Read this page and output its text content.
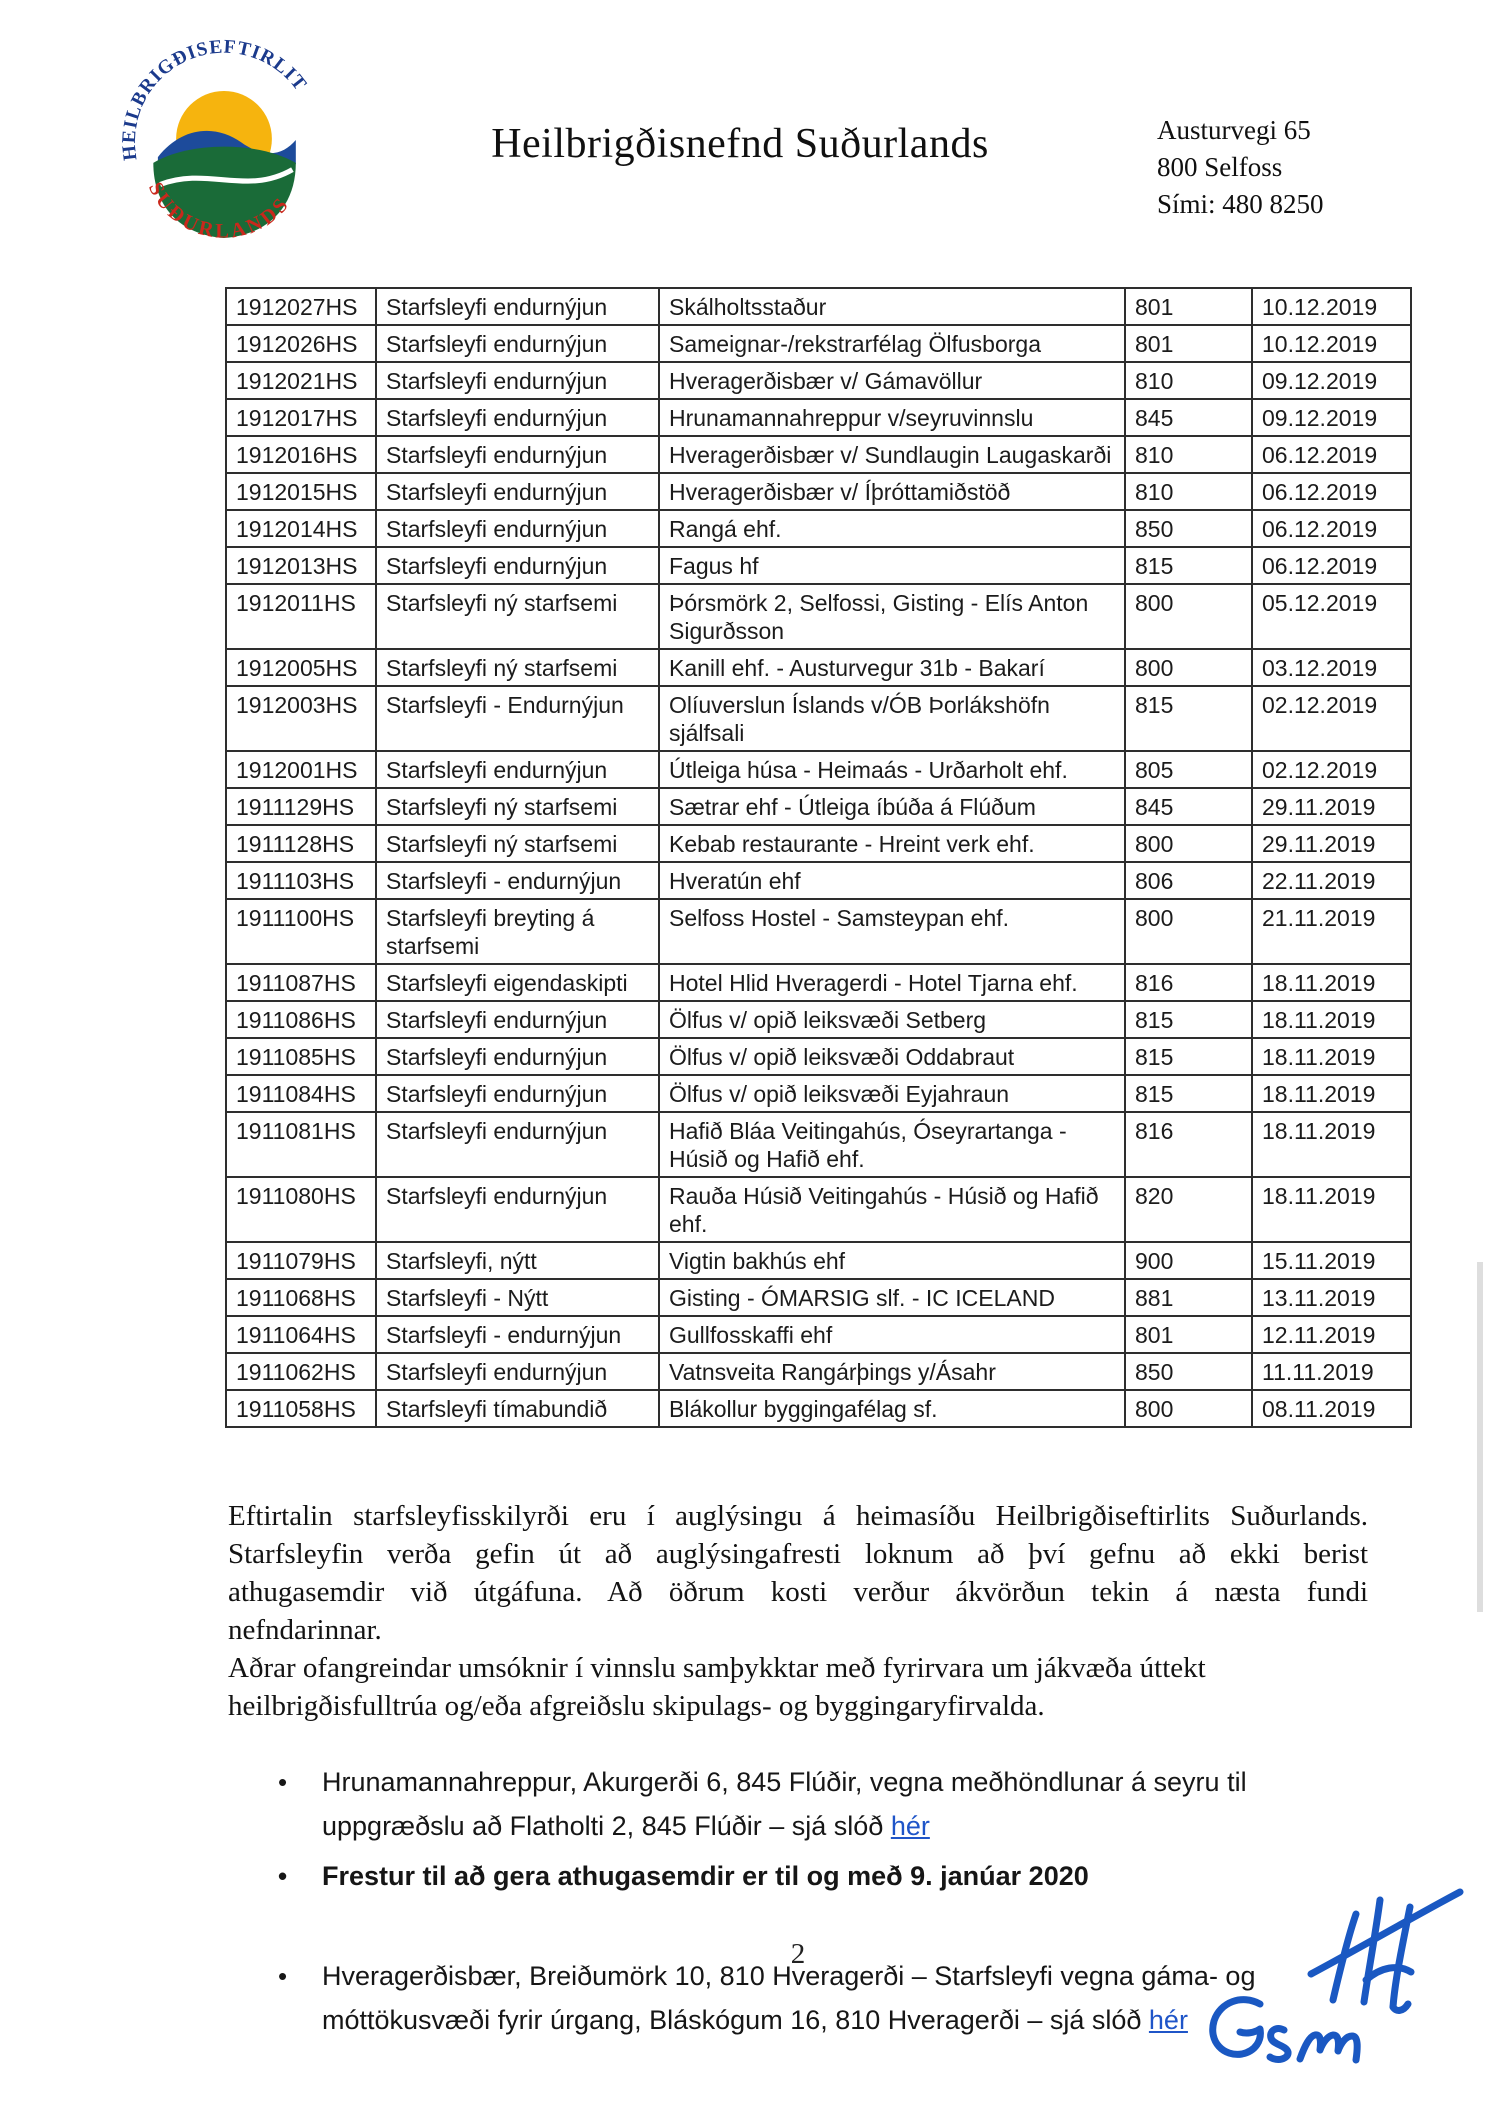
HEILBRIGÐISEFTIRLIT
SUÐURLANDS
Heilbrigðisnefnd Suðurlands	Austurvegi 65
800 Selfoss
Sími: 480 8250
1912027HS	Starfsleyfi endurnýjun	Skálholtsstaður	801	10.12.2019
1912026HS	Starfsleyfi endurnýjun	Sameignar-/rekstrarfélag Ölfusborga	801	10.12.2019
1912021HS	Starfsleyfi endurnýjun	Hveragerðisbær v/ Gámavöllur	810	09.12.2019
1912017HS	Starfsleyfi endurnýjun	Hrunamannahreppur v/seyruvinnslu	845	09.12.2019
1912016HS	Starfsleyfi endurnýjun	Hveragerðisbær v/ Sundlaugin Laugaskarði	810	06.12.2019
1912015HS	Starfsleyfi endurnýjun	Hveragerðisbær v/ Íþróttamiðstöð	810	06.12.2019
1912014HS	Starfsleyfi endurnýjun	Rangá ehf.	850	06.12.2019
1912013HS	Starfsleyfi endurnýjun	Fagus hf	815	06.12.2019
1912011HS	Starfsleyfi ný starfsemi	Þórsmörk 2, Selfossi, Gisting - Elís Anton Sigurðsson	800	05.12.2019
1912005HS	Starfsleyfi ný starfsemi	Kanill ehf. - Austurvegur 31b - Bakarí	800	03.12.2019
1912003HS	Starfsleyfi - Endurnýjun	Olíuverslun Íslands v/ÓB Þorlákshöfn sjálfsali	815	02.12.2019
1912001HS	Starfsleyfi endurnýjun	Útleiga húsa - Heimaás - Urðarholt ehf.	805	02.12.2019
1911129HS	Starfsleyfi ný starfsemi	Sætrar ehf - Útleiga íbúða á Flúðum	845	29.11.2019
1911128HS	Starfsleyfi ný starfsemi	Kebab restaurante - Hreint verk ehf.	800	29.11.2019
1911103HS	Starfsleyfi - endurnýjun	Hveratún ehf	806	22.11.2019
1911100HS	Starfsleyfi breyting á starfsemi	Selfoss Hostel - Samsteypan ehf.	800	21.11.2019
1911087HS	Starfsleyfi eigendaskipti	Hotel Hlid Hveragerdi - Hotel Tjarna ehf.	816	18.11.2019
1911086HS	Starfsleyfi endurnýjun	Ölfus v/ opið leiksvæði Setberg	815	18.11.2019
1911085HS	Starfsleyfi endurnýjun	Ölfus v/ opið leiksvæði Oddabraut	815	18.11.2019
1911084HS	Starfsleyfi endurnýjun	Ölfus v/ opið leiksvæði Eyjahraun	815	18.11.2019
1911081HS	Starfsleyfi endurnýjun	Hafið Bláa Veitingahús, Óseyrartanga - Húsið og Hafið ehf.	816	18.11.2019
1911080HS	Starfsleyfi endurnýjun	Rauða Húsið Veitingahús - Húsið og Hafið ehf.	820	18.11.2019
1911079HS	Starfsleyfi, nýtt	Vigtin bakhús ehf	900	15.11.2019
1911068HS	Starfsleyfi - Nýtt	Gisting - ÓMARSIG slf. - IC ICELAND	881	13.11.2019
1911064HS	Starfsleyfi - endurnýjun	Gullfosskaffi ehf	801	12.11.2019
1911062HS	Starfsleyfi endurnýjun	Vatnsveita Rangárþings y/Ásahr	850	11.11.2019
1911058HS	Starfsleyfi tímabundið	Blákollur byggingafélag sf.	800	08.11.2019
Eftirtalin starfsleyfisskilyrði eru í auglýsingu á heimasíðu Heilbrigðiseftirlits Suðurlands.
Starfsleyfin verða gefin út að auglýsingafresti loknum að því gefnu að ekki berist
athugasemdir við útgáfuna. Að öðrum kosti verður ákvörðun tekin á næsta fundi
nefndarinnar.
Aðrar ofangreindar umsóknir í vinnslu samþykktar með fyrirvara um jákvæða úttekt
heilbrigðisfulltrúa og/eða afgreiðslu skipulags- og byggingaryfirvalda.
• Hrunamannahreppur, Akurgerði 6, 845 Flúðir, vegna meðhöndlunar á seyru til uppgræðslu að Flatholti 2, 845 Flúðir – sjá slóð hér
• Frestur til að gera athugasemdir er til og með 9. janúar 2020
• Hveragerðisbær, Breiðumörk 10, 810 Hveragerði – Starfsleyfi vegna gáma- og móttökusvæði fyrir úrgang, Bláskógum 16, 810 Hveragerði – sjá slóð hér
2
